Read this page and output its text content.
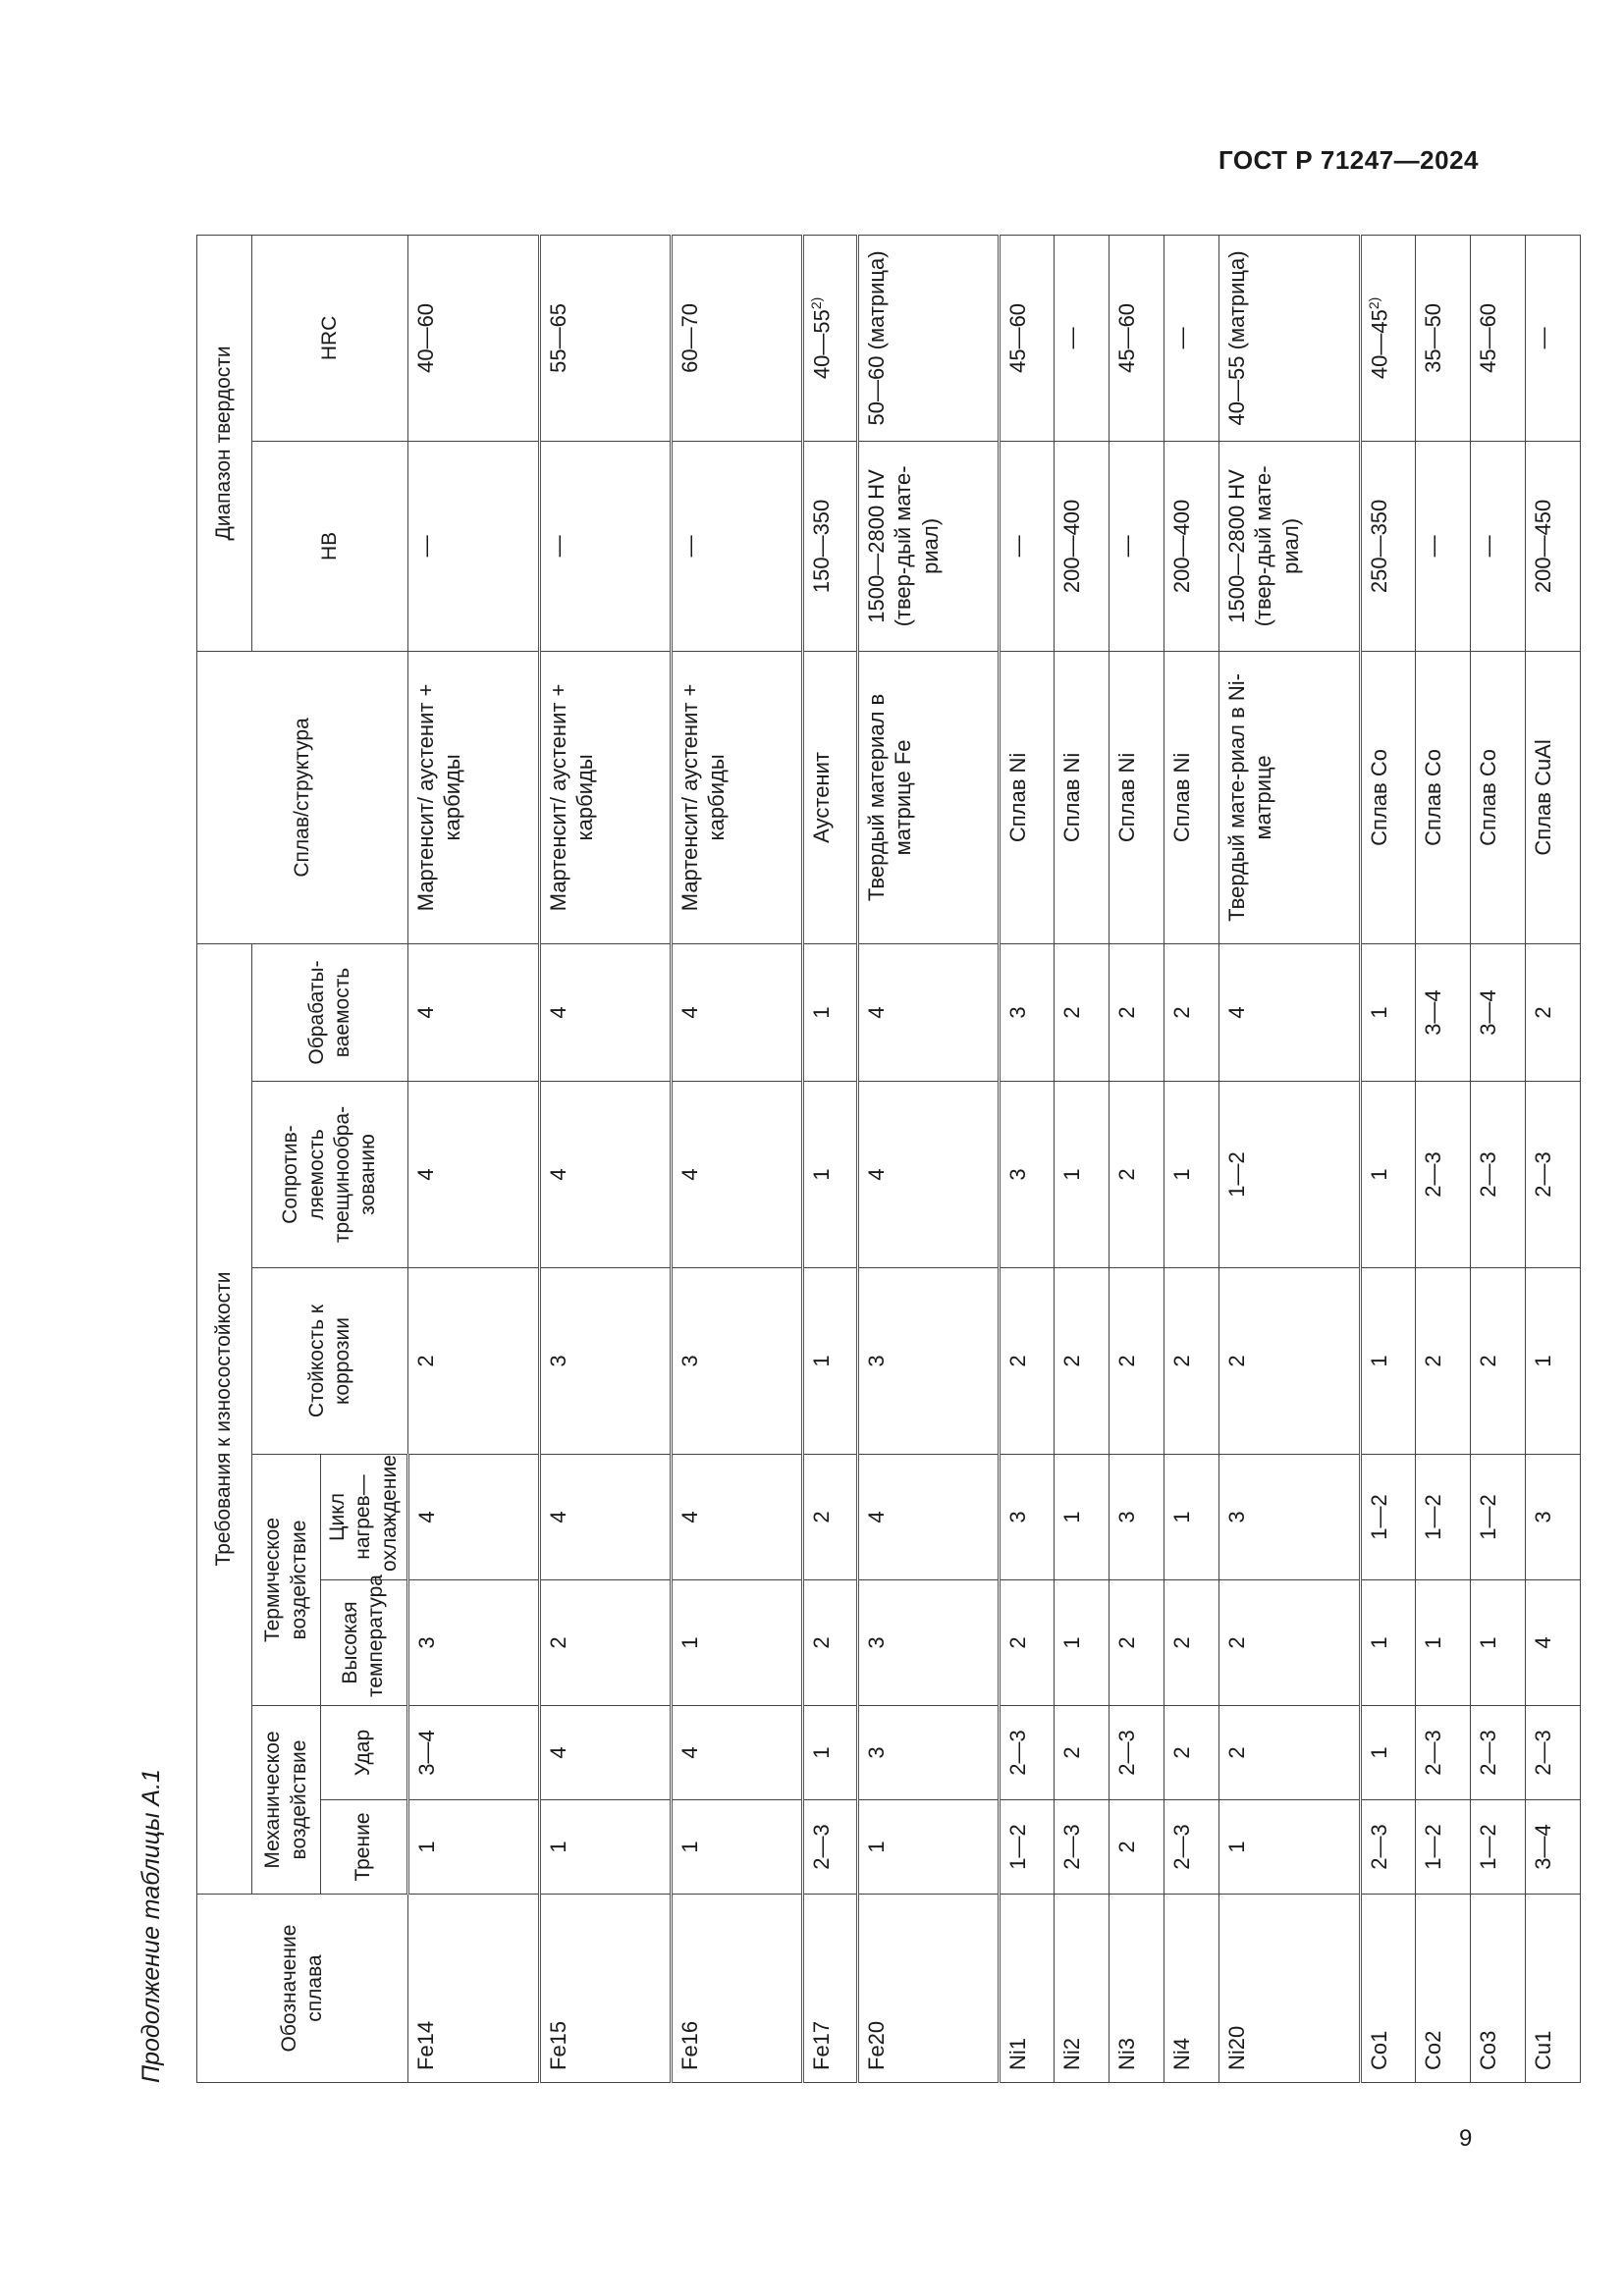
ГОСТ Р 71247—2024
Продолжение таблицы А.1	Обозначение сплава	Требования к износостойкости							Сплав/структура	Диапазон твердости	
	Механическое воздействие		Термическое воздействие		Стойкость к коррозии	Сопротив-ляемость трещинообра-зованию	Обрабаты-ваемость		HB	HRC
	Трение	Удар	Высокая температура	Цикл нагрев—охлаждение						
Fe14	1	3—4	3	4	2	4	4	Мартенсит/ аустенит + карбиды	—	40—60
Fe15	1	4	2	4	3	4	4	Мартенсит/ аустенит + карбиды	—	55—65
Fe16	1	4	1	4	3	4	4	Мартенсит/ аустенит + карбиды	—	60—70
Fe17	2—3	1	2	2	1	1	1	Аустенит	150—350	40—55$^{2)}$
Fe20	1	3	3	4	3	4	4	Твердый материал в матрице Fe	1500—2800 HV (твер-дый мате-риал)	50—60 (матрица)
Ni1	1—2	2—3	2	3	2	3	3	Сплав Ni	—	45—60
Ni2	2—3	2	1	1	2	1	2	Сплав Ni	200—400	—
Ni3	2	2—3	2	3	2	2	2	Сплав Ni	—	45—60
Ni4	2—3	2	2	1	2	1	2	Сплав Ni	200—400	—
Ni20	1	2	2	3	2	1—2	4	Твердый мате-риал в Ni-матрице	1500—2800 HV (твер-дый мате-риал)	40—55 (матрица)
Co1	2—3	1	1	1—2	1	1	1	Сплав Co	250—350	40—45$^{2)}$
Co2	1—2	2—3	1	1—2	2	2—3	3—4	Сплав Co	—	35—50
Co3	1—2	2—3	1	1—2	2	2—3	3—4	Сплав Co	—	45—60
Cu1	3—4	2—3	4	3	1	2—3	2	Сплав CuAl	200—450	—
9
